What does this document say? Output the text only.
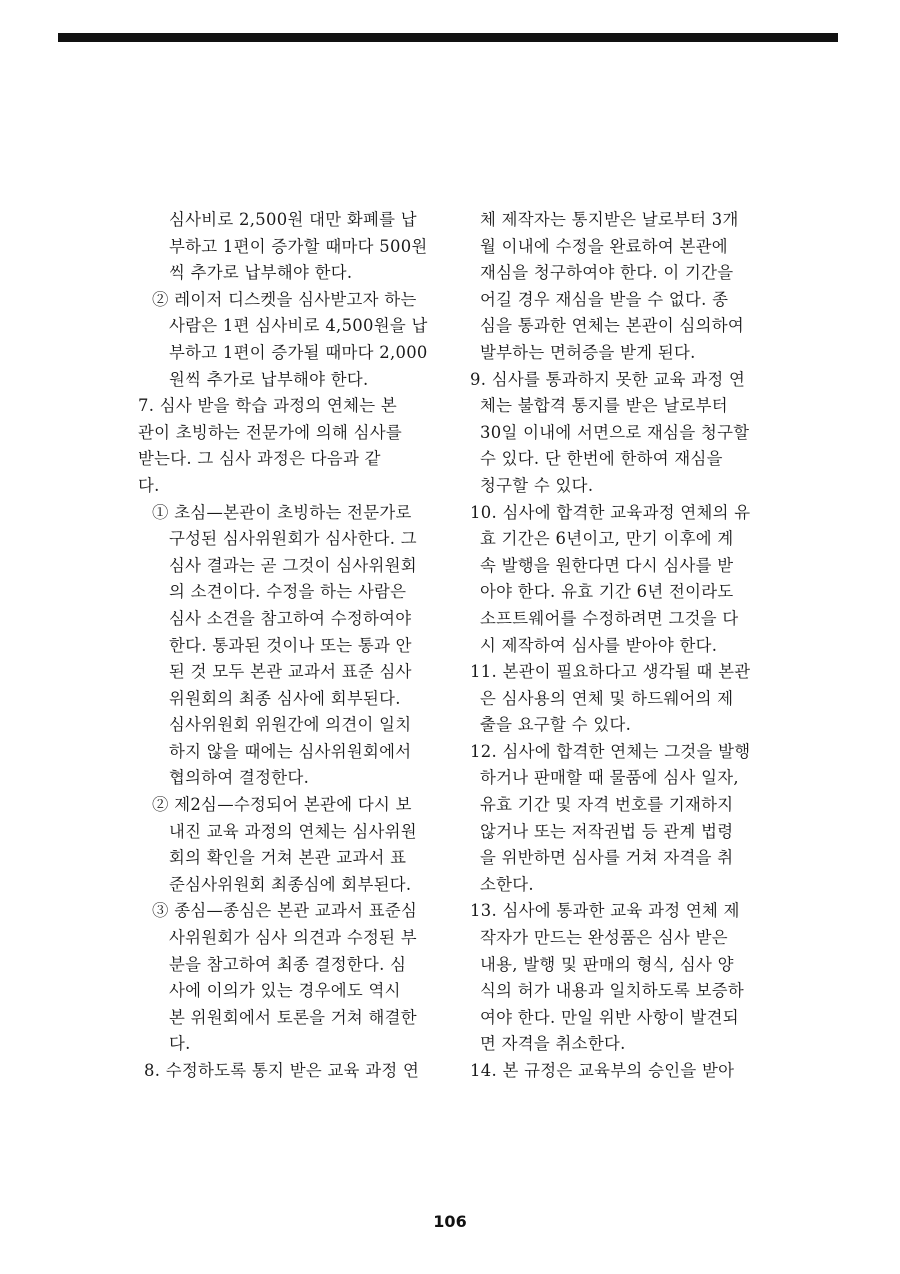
심사비로 2,500원 대만 화폐를 납
부하고 1편이 증가할 때마다 500원
씩 추가로 납부해야 한다.
② 레이저 디스켓을 심사받고자 하는
사람은 1편 심사비로 4,500원을 납
부하고 1편이 증가될 때마다 2,000
원씩 추가로 납부해야 한다.
7. 심사 받을 학습 과정의 연체는 본
관이 초빙하는 전문가에 의해 심사를
받는다. 그 심사 과정은 다음과 같
다.
① 초심—본관이 초빙하는 전문가로
구성된 심사위원회가 심사한다. 그
심사 결과는 곧 그것이 심사위원회
의 소견이다. 수정을 하는 사람은
심사 소견을 참고하여 수정하여야
한다. 통과된 것이나 또는 통과 안
된 것 모두 본관 교과서 표준 심사
위원회의 최종 심사에 회부된다.
심사위원회 위원간에 의견이 일치
하지 않을 때에는 심사위원회에서
협의하여 결정한다.
② 제2심—수정되어 본관에 다시 보
내진 교육 과정의 연체는 심사위원
회의 확인을 거쳐 본관 교과서 표
준심사위원회 최종심에 회부된다.
③ 종심—종심은 본관 교과서 표준심
사위원회가 심사 의견과 수정된 부
분을 참고하여 최종 결정한다. 심
사에 이의가 있는 경우에도 역시
본 위원회에서 토론을 거쳐 해결한
다.
8. 수정하도록 통지 받은 교육 과정 연
체 제작자는 통지받은 날로부터 3개
월 이내에 수정을 완료하여 본관에
재심을 청구하여야 한다. 이 기간을
어길 경우 재심을 받을 수 없다. 종
심을 통과한 연체는 본관이 심의하여
발부하는 면허증을 받게 된다.
9. 심사를 통과하지 못한 교육 과정 연
체는 불합격 통지를 받은 날로부터
30일 이내에 서면으로 재심을 청구할
수 있다. 단 한번에 한하여 재심을
청구할 수 있다.
10. 심사에 합격한 교육과정 연체의 유
효 기간은 6년이고, 만기 이후에 계
속 발행을 원한다면 다시 심사를 받
아야 한다. 유효 기간 6년 전이라도
소프트웨어를 수정하려면 그것을 다
시 제작하여 심사를 받아야 한다.
11. 본관이 필요하다고 생각될 때 본관
은 심사용의 연체 및 하드웨어의 제
출을 요구할 수 있다.
12. 심사에 합격한 연체는 그것을 발행
하거나 판매할 때 물품에 심사 일자,
유효 기간 및 자격 번호를 기재하지
않거나 또는 저작권법 등 관계 법령
을 위반하면 심사를 거쳐 자격을 취
소한다.
13. 심사에 통과한 교육 과정 연체 제
작자가 만드는 완성품은 심사 받은
내용, 발행 및 판매의 형식, 심사 양
식의 허가 내용과 일치하도록 보증하
여야 한다. 만일 위반 사항이 발견되
면 자격을 취소한다.
14. 본 규정은 교육부의 승인을 받아
106
